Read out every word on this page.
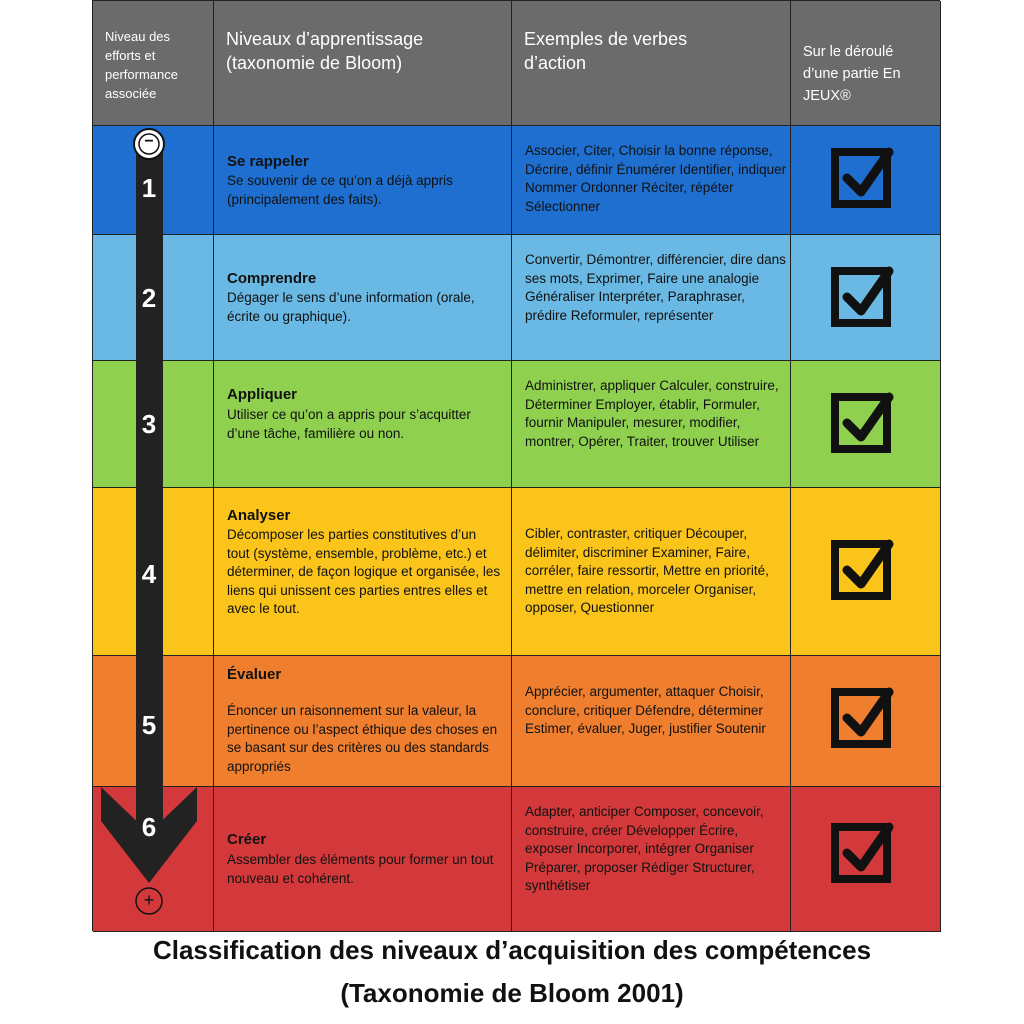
Niveau des efforts et performance associée
Niveaux d’apprentissage (taxonomie de Bloom)
Exemples de verbes d’action
Sur le déroulé d’une partie En JEUX®
Se rappeler
Se souvenir de ce qu’on a déjà appris (principalement des faits).
Associer, Citer, Choisir la bonne réponse, Décrire, définir Énumérer Identifier, indiquer Nommer Ordonner Réciter, répéter Sélectionner
Comprendre
Dégager le sens d’une information (orale, écrite ou graphique).
Convertir, Démontrer, différencier, dire dans ses mots, Exprimer, Faire une analogie Généraliser Interpréter, Paraphraser, prédire Reformuler, représenter
Appliquer
Utiliser ce qu’on a appris pour s’acquitter d’une tâche, familière ou non.
Administrer, appliquer Calculer, construire, Déterminer Employer, établir, Formuler, fournir Manipuler, mesurer, modifier, montrer, Opérer, Traiter, trouver Utiliser
Analyser
Décomposer les parties constitutives d’un tout (système, ensemble, problème, etc.) et déterminer, de façon logique et organisée, les liens qui unissent ces parties entres elles et avec le tout.
Cibler, contraster, critiquer Découper, délimiter, discriminer Examiner, Faire, corréler, faire ressortir, Mettre en priorité, mettre en relation, morceler Organiser, opposer, Questionner
Évaluer
Énoncer un raisonnement sur la valeur, la pertinence ou l’aspect éthique des choses en se basant sur des critères ou des standards appropriés
Apprécier, argumenter, attaquer Choisir, conclure, critiquer Défendre, déterminer Estimer, évaluer, Juger, justifier Soutenir
Créer
Assembler des éléments pour former un tout nouveau et cohérent.
Adapter, anticiper Composer, concevoir, construire, créer Développer Écrire, exposer Incorporer, intégrer Organiser Préparer, proposer Rédiger Structurer, synthétiser
−
+
1
2
3
4
5
6
Classification des niveaux d’acquisition des compétences
(Taxonomie de Bloom 2001)
